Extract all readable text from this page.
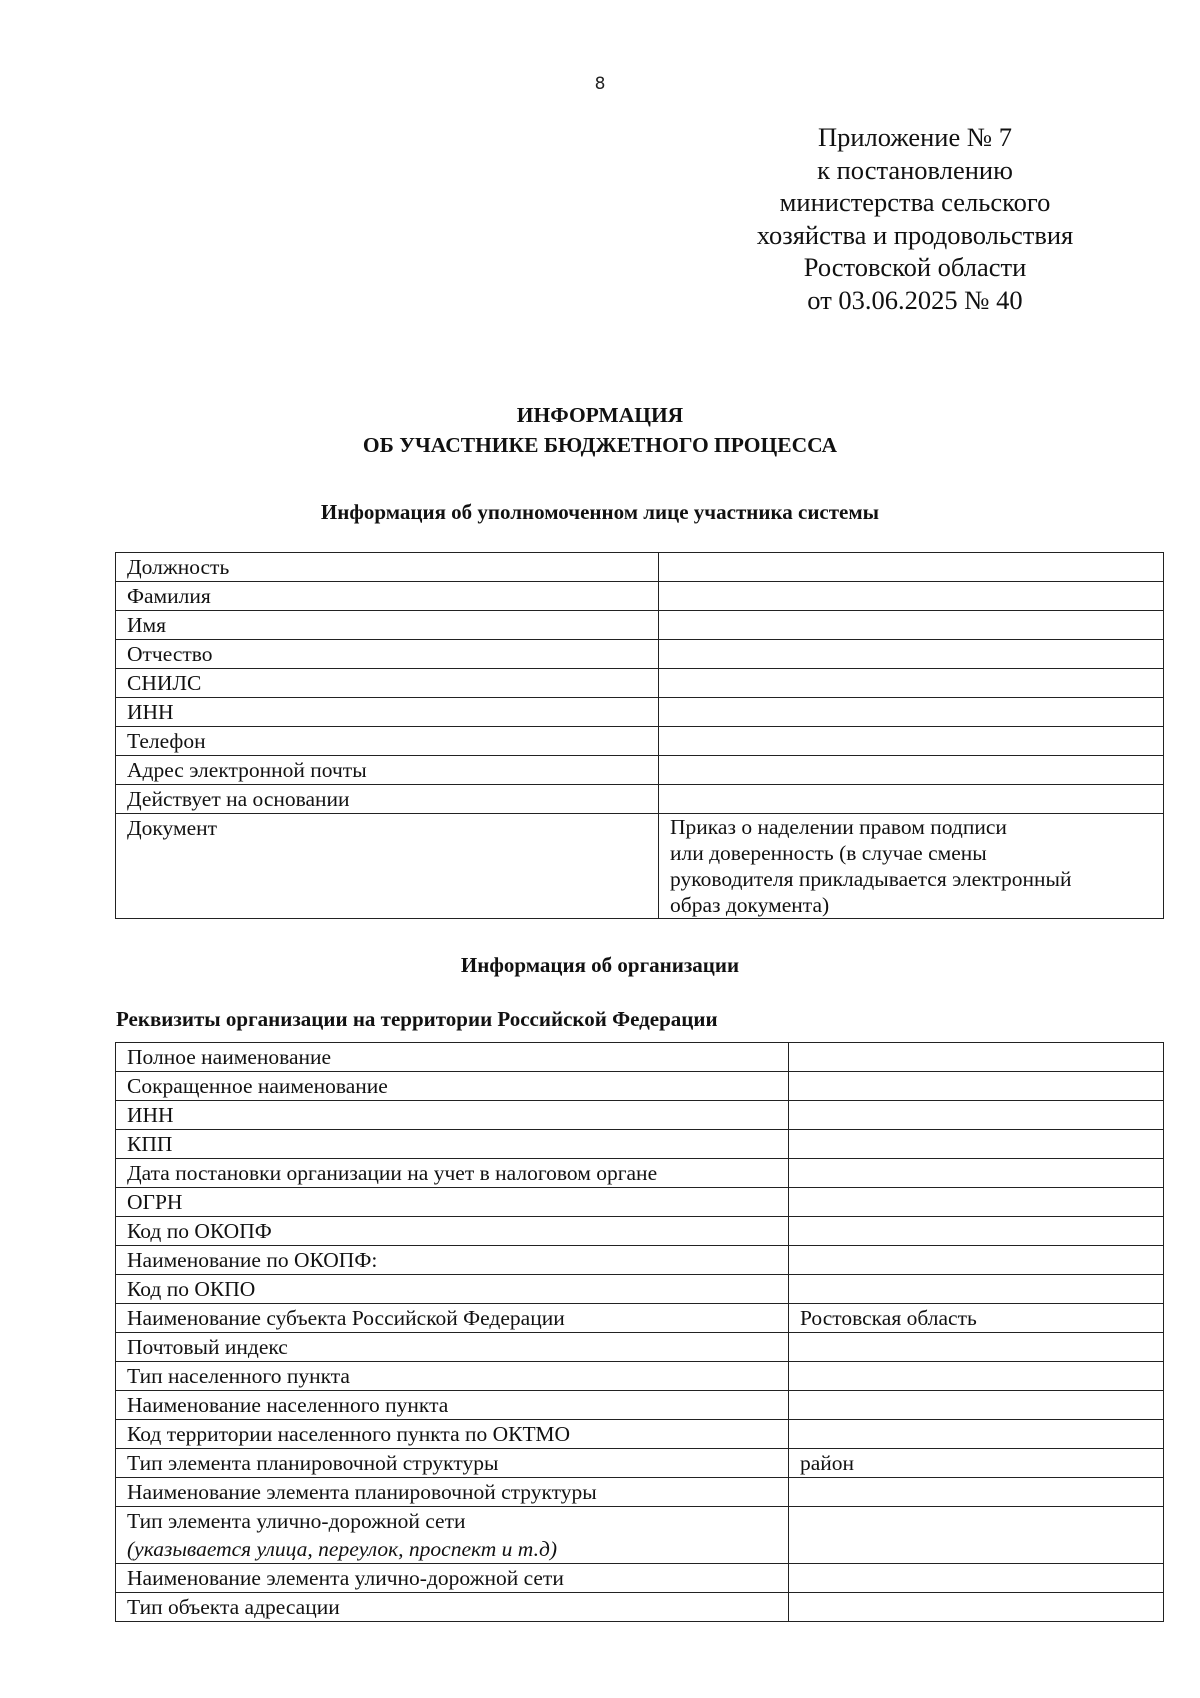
8
Приложение № 7
к постановлению
министерства сельского
хозяйства и продовольствия
Ростовской области
от 03.06.2025 № 40
ИНФОРМАЦИЯ
ОБ УЧАСТНИКЕ БЮДЖЕТНОГО ПРОЦЕССА
Информация об уполномоченном лице участника системы
Должность	
Фамилия	
Имя	
Отчество	
СНИЛС	
ИНН	
Телефон	
Адрес электронной почты	
Действует на основании	
Документ	Приказ о наделении правом подписи
или доверенность (в случае смены
руководителя прикладывается электронный
образ документа)
Информация об организации
Реквизиты организации на территории Российской Федерации
Полное наименование	
Сокращенное наименование	
ИНН	
КПП	
Дата постановки организации на учет в налоговом органе	
ОГРН	
Код по ОКОПФ	
Наименование по ОКОПФ:	
Код по ОКПО	
Наименование субъекта Российской Федерации	Ростовская область
Почтовый индекс	
Тип населенного пункта	
Наименование населенного пункта	
Код территории населенного пункта по ОКТМО	
Тип элемента планировочной структуры	район
Наименование элемента планировочной структуры	
Тип элемента улично-дорожной сети
(указывается улица, переулок, проспект и т.д)	

Наименование элемента улично-дорожной сети	
Тип объекта адресации	
